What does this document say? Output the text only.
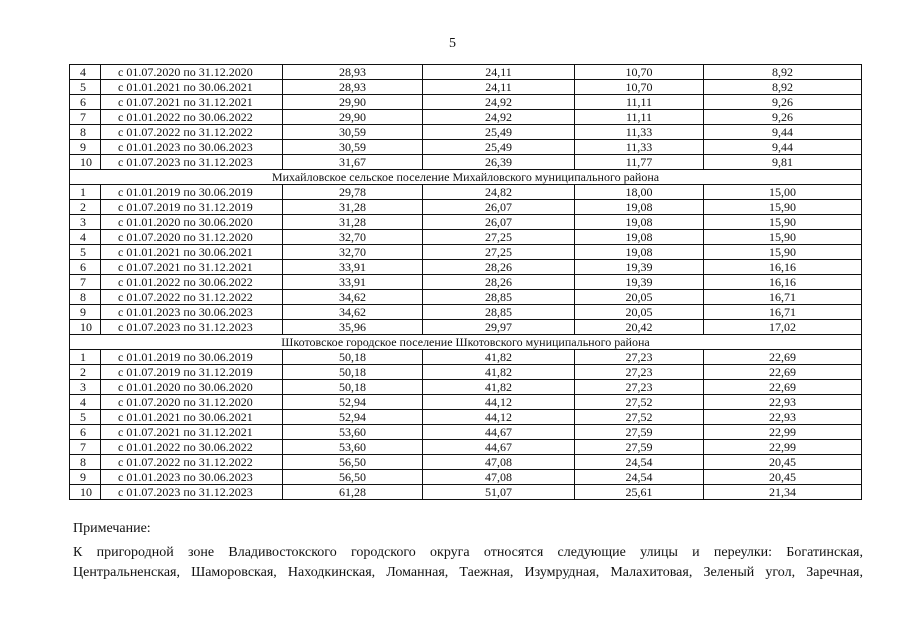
5
4	с 01.07.2020 по 31.12.2020	28,93	24,11	10,70	8,92
5	с 01.01.2021 по 30.06.2021	28,93	24,11	10,70	8,92
6	с 01.07.2021 по 31.12.2021	29,90	24,92	11,11	9,26
7	с 01.01.2022 по 30.06.2022	29,90	24,92	11,11	9,26
8	с 01.07.2022 по 31.12.2022	30,59	25,49	11,33	9,44
9	с 01.01.2023 по 30.06.2023	30,59	25,49	11,33	9,44
10	с 01.07.2023 по 31.12.2023	31,67	26,39	11,77	9,81
Михайловское сельское поселение Михайловского муниципального района					
1	с 01.01.2019 по 30.06.2019	29,78	24,82	18,00	15,00
2	с 01.07.2019 по 31.12.2019	31,28	26,07	19,08	15,90
3	с 01.01.2020 по 30.06.2020	31,28	26,07	19,08	15,90
4	с 01.07.2020 по 31.12.2020	32,70	27,25	19,08	15,90
5	с 01.01.2021 по 30.06.2021	32,70	27,25	19,08	15,90
6	с 01.07.2021 по 31.12.2021	33,91	28,26	19,39	16,16
7	с 01.01.2022 по 30.06.2022	33,91	28,26	19,39	16,16
8	с 01.07.2022 по 31.12.2022	34,62	28,85	20,05	16,71
9	с 01.01.2023 по 30.06.2023	34,62	28,85	20,05	16,71
10	с 01.07.2023 по 31.12.2023	35,96	29,97	20,42	17,02
Шкотовское городское поселение Шкотовского муниципального района					
1	с 01.01.2019 по 30.06.2019	50,18	41,82	27,23	22,69
2	с 01.07.2019 по 31.12.2019	50,18	41,82	27,23	22,69
3	с 01.01.2020 по 30.06.2020	50,18	41,82	27,23	22,69
4	с 01.07.2020 по 31.12.2020	52,94	44,12	27,52	22,93
5	с 01.01.2021 по 30.06.2021	52,94	44,12	27,52	22,93
6	с 01.07.2021 по 31.12.2021	53,60	44,67	27,59	22,99
7	с 01.01.2022 по 30.06.2022	53,60	44,67	27,59	22,99
8	с 01.07.2022 по 31.12.2022	56,50	47,08	24,54	20,45
9	с 01.01.2023 по 30.06.2023	56,50	47,08	24,54	20,45
10	с 01.07.2023 по 31.12.2023	61,28	51,07	25,61	21,34

Примечание:

К пригородной зоне Владивостокского городского округа относятся следующие улицы и переулки: Богатинская,

Центральненская, Шаморовская, Находкинская, Ломанная, Таежная, Изумрудная, Малахитовая, Зеленый угол, Заречная,
